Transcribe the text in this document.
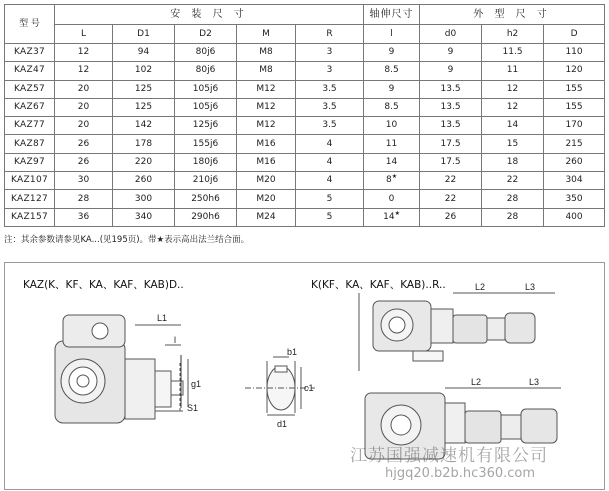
型 号	安 装 尺 寸					轴伸尺寸	外 型 尺 寸		
	L	D1	D2	M	R	l	d0	h2	D
KAZ37	12	94	80j6	M8	3	9	9	11.5	110
KAZ47	12	102	80j6	M8	3	8.5	9	11	120
KAZ57	20	125	105j6	M12	3.5	9	13.5	12	155
KAZ67	20	125	105j6	M12	3.5	8.5	13.5	12	155
KAZ77	20	142	125j6	M12	3.5	10	13.5	14	170
KAZ87	26	178	155j6	M16	4	11	17.5	15	215
KAZ97	26	220	180j6	M16	4	14	17.5	18	260
KAZ107	30	260	210j6	M20	4	8★	22	22	304
KAZ127	28	300	250h6	M20	5	0	22	28	350
KAZ157	36	340	290h6	M24	5	14★	26	28	400
注：其余参数请参见KA...(见195页)。带★表示高出法兰结合面。
KAZ(K、KF、KA、KAF、KAB)D..	K(KF、KA、KAF、KAB)..R..
L1
l
g1
S1
b1
c1
d1
L2	L3
L2	L3
江苏国强减速机有限公司
hjgq20.b2b.hc360.com
